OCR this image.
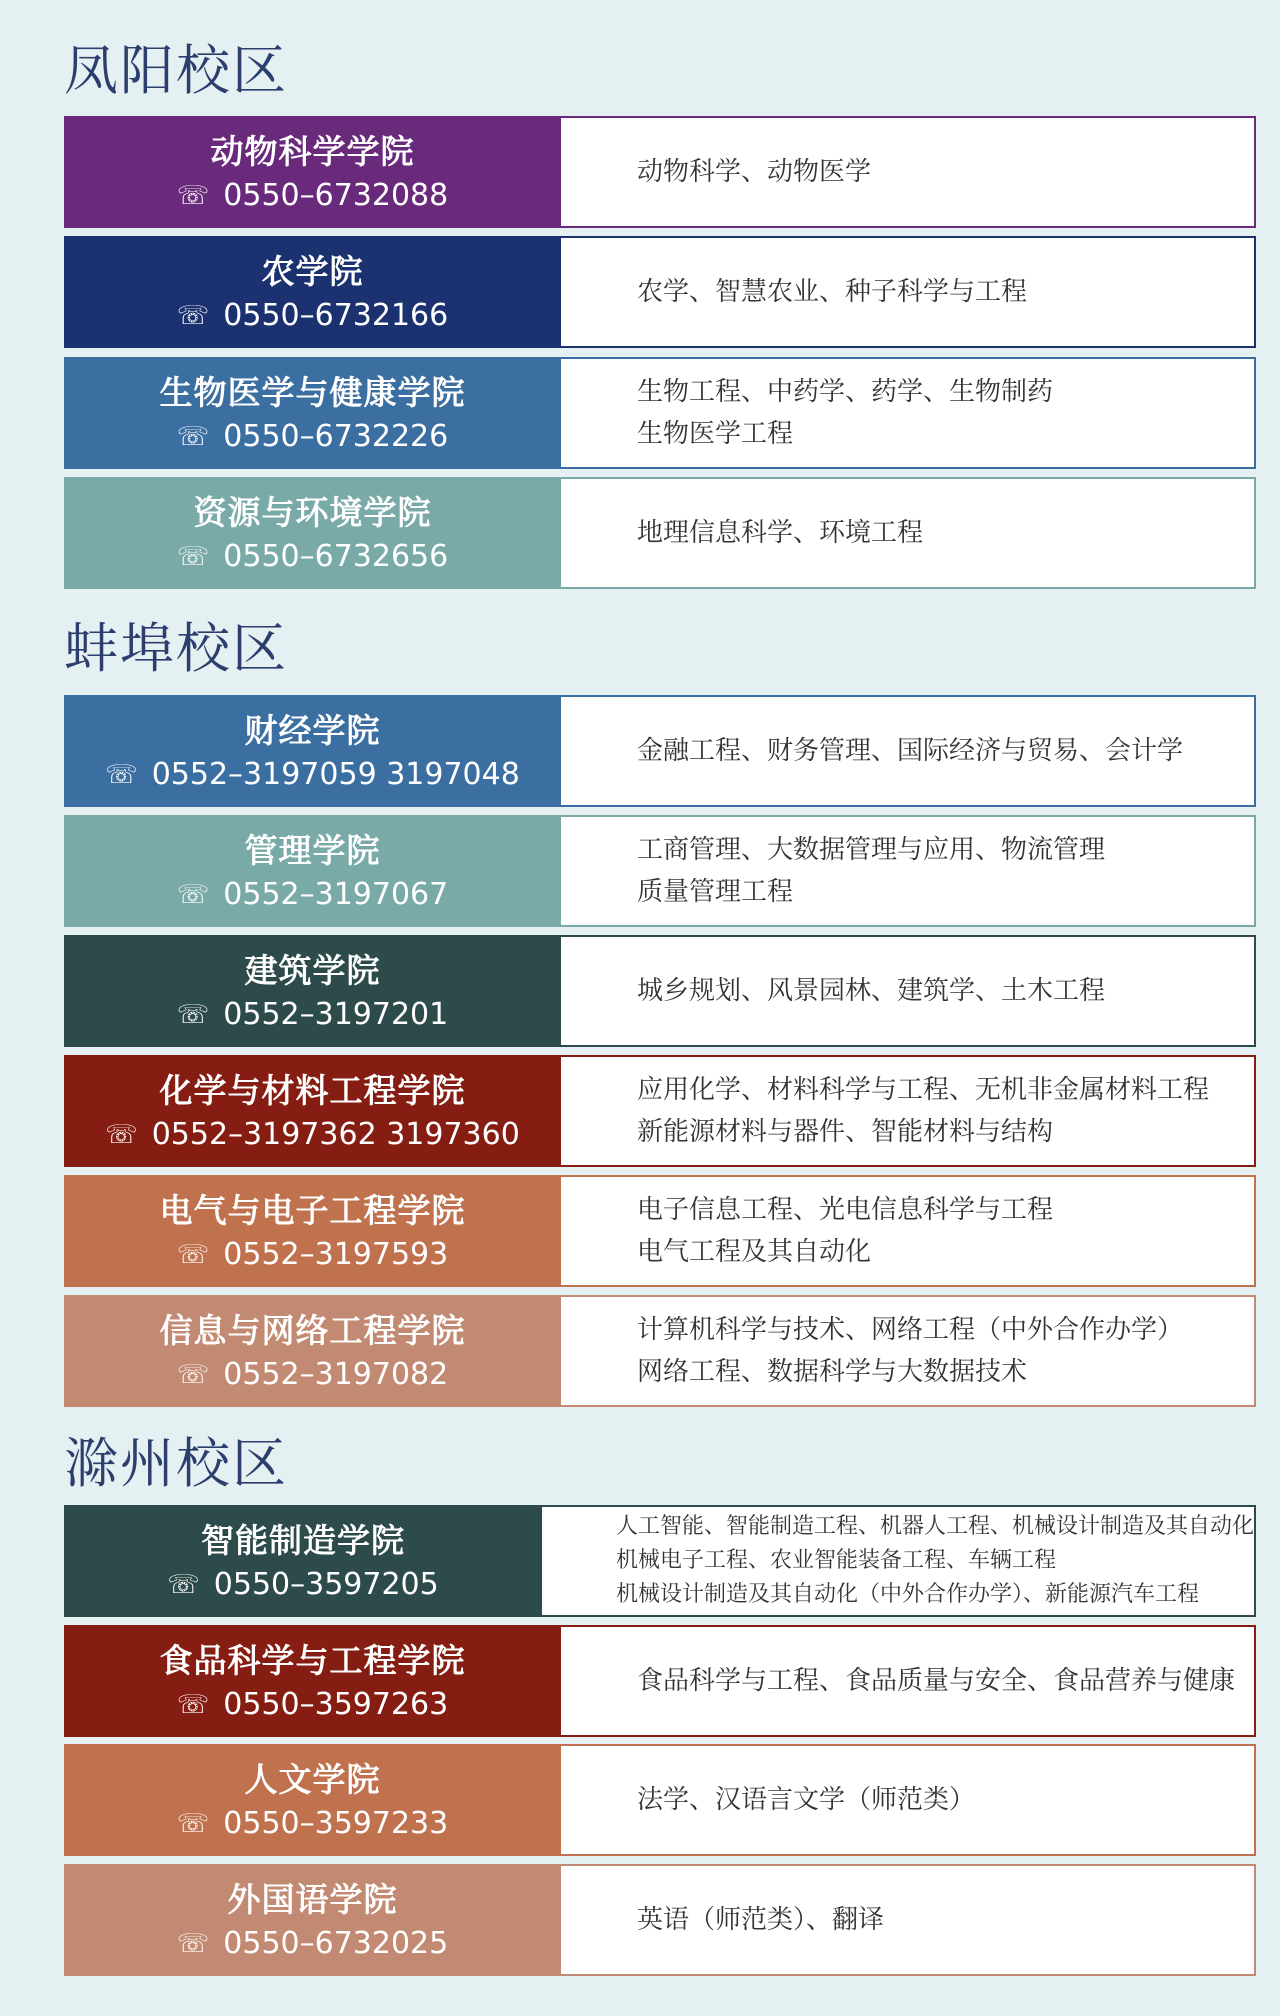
凤阳校区
动物科学学院
☏ 0550–6732088
动物科学、动物医学
农学院
☏ 0550–6732166
农学、智慧农业、种子科学与工程
生物医学与健康学院
☏ 0550–6732226
生物工程、中药学、药学、生物制药
生物医学工程
资源与环境学院
☏ 0550–6732656
地理信息科学、环境工程
蚌埠校区
财经学院
☏ 0552–3197059 3197048
金融工程、财务管理、国际经济与贸易、会计学
管理学院
☏ 0552–3197067
工商管理、大数据管理与应用、物流管理
质量管理工程
建筑学院
☏ 0552–3197201
城乡规划、风景园林、建筑学、土木工程
化学与材料工程学院
☏ 0552–3197362 3197360
应用化学、材料科学与工程、无机非金属材料工程
新能源材料与器件、智能材料与结构
电气与电子工程学院
☏ 0552–3197593
电子信息工程、光电信息科学与工程
电气工程及其自动化
信息与网络工程学院
☏ 0552–3197082
计算机科学与技术、网络工程（中外合作办学）
网络工程、数据科学与大数据技术
滁州校区
智能制造学院
☏ 0550–3597205
人工智能、智能制造工程、机器人工程、机械设计制造及其自动化
机械电子工程、农业智能装备工程、车辆工程
机械设计制造及其自动化（中外合作办学）、新能源汽车工程
食品科学与工程学院
☏ 0550–3597263
食品科学与工程、食品质量与安全、食品营养与健康
人文学院
☏ 0550–3597233
法学、汉语言文学（师范类）
外国语学院
☏ 0550–6732025
英语（师范类）、翻译
